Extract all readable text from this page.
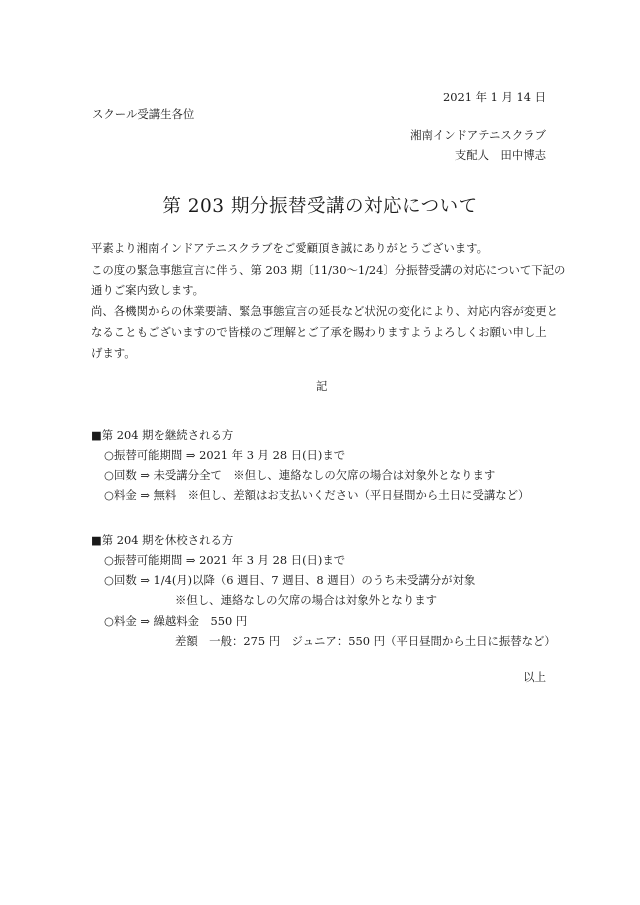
2021 年 1 月 14 日
スクール受講生各位
湘南インドアテニスクラブ
支配人　田中博志
第 203 期分振替受講の対応について
平素より湘南インドアテニスクラブをご愛顧頂き誠にありがとうございます。
この度の緊急事態宣言に伴う、第 203 期〔11/30〜1/24〕分振替受講の対応について下記の
通りご案内致します。
尚、各機関からの休業要請、緊急事態宣言の延長など状況の変化により、対応内容が変更と
なることもございますので皆様のご理解とご了承を賜わりますようよろしくお願い申し上
げます。
記
■第 204 期を継続される方
○振替可能期間 ⇒ 2021 年 3 月 28 日(日)まで
○回数 ⇒ 未受講分全て　※但し、連絡なしの欠席の場合は対象外となります
○料金 ⇒ 無料　※但し、差額はお支払いください（平日昼間から土日に受講など）
■第 204 期を休校される方
○振替可能期間 ⇒ 2021 年 3 月 28 日(日)まで
○回数 ⇒ 1/4(月)以降（6 週目、7 週目、8 週目）のうち未受講分が対象
※但し、連絡なしの欠席の場合は対象外となります
○料金 ⇒ 繰越料金　550 円
差額　一般：275 円　ジュニア：550 円（平日昼間から土日に振替など）
以上
